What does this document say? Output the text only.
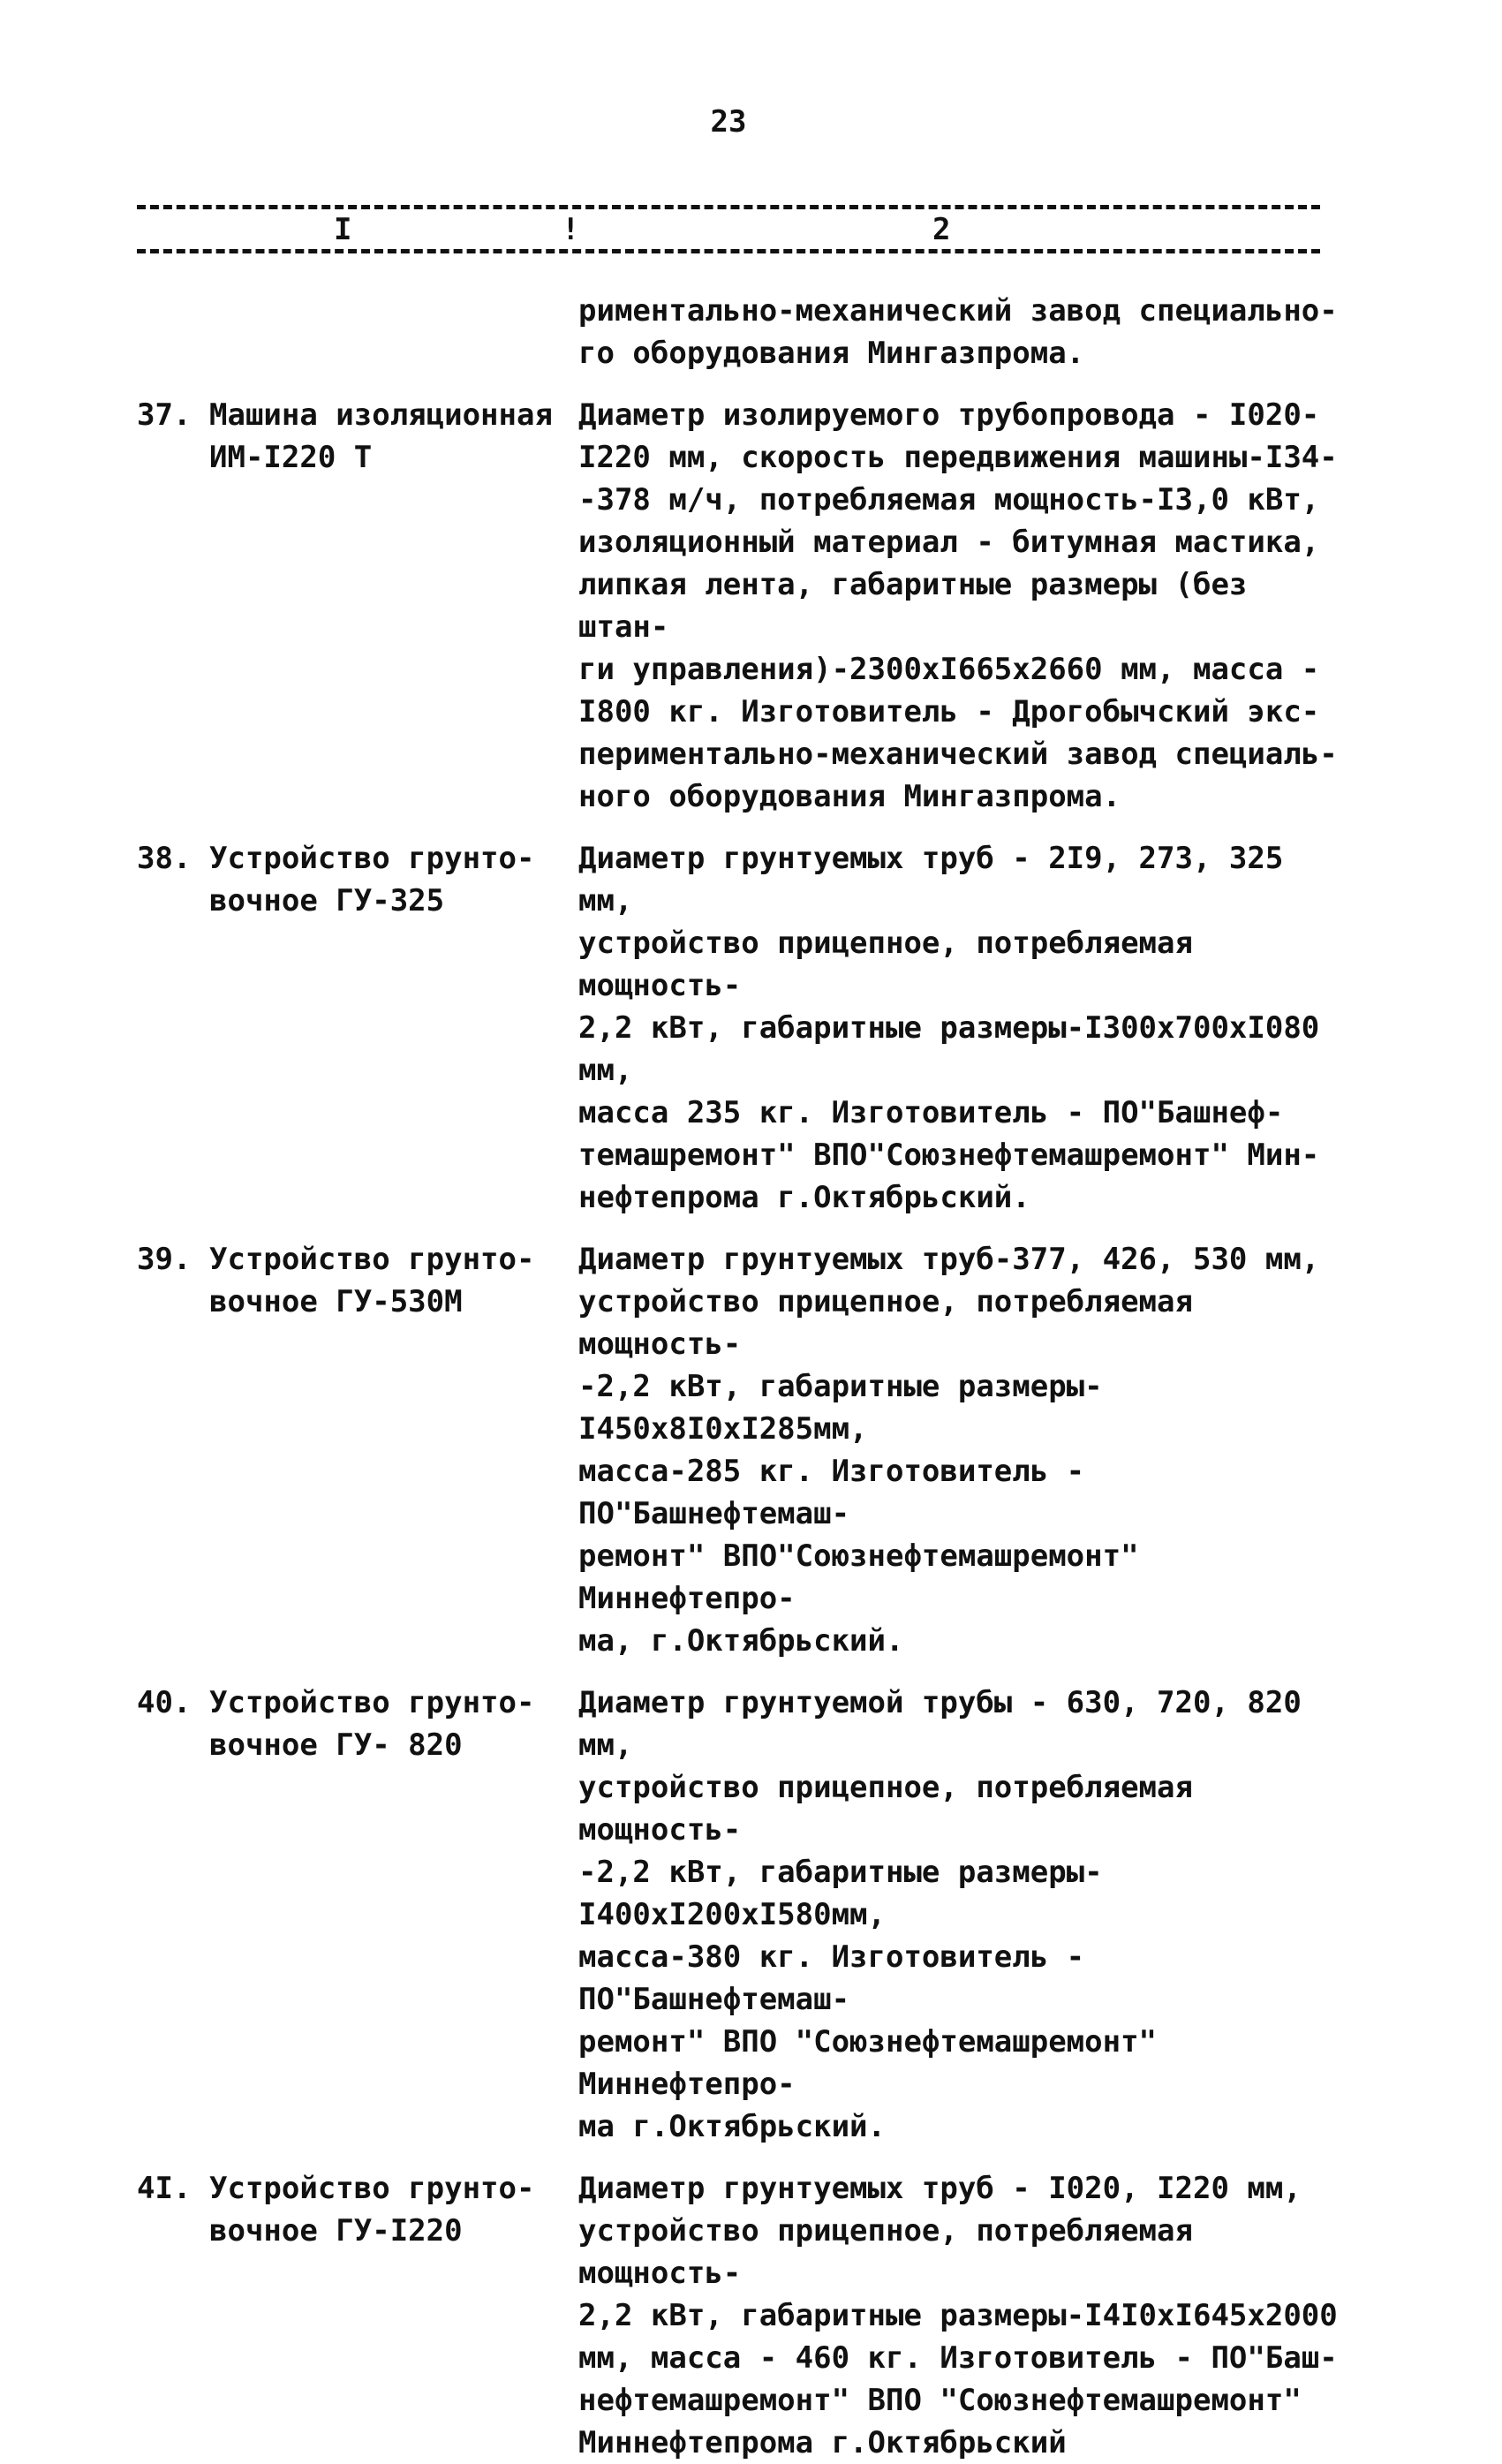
23
I	!	2
риментально-механический завод специально-
го оборудования Мингазпрома.
37. Машина изоляционная
ИМ-I220 Т
Диаметр изолируемого трубопровода - I020-
I220 мм, скорость передвижения машины-I34-
-378 м/ч, потребляемая мощность-I3,0 кВт,
изоляционный материал - битумная мастика,
липкая лента, габаритные размеры (без штан-
ги управления)-2300xI665x2660 мм, масса -
I800 кг. Изготовитель - Дрогобычский экс-
периментально-механический завод специаль-
ного оборудования Мингазпрома.
38. Устройство грунто-
вочное ГУ-325
Диаметр грунтуемых труб - 2I9, 273, 325 мм,
устройство прицепное, потребляемая мощность-
2,2 кВт, габаритные размеры-I300x700xI080 мм,
масса 235 кг. Изготовитель - ПО"Башнеф-
темашремонт" ВПО"Союзнефтемашремонт" Мин-
нефтепрома г.Октябрьский.
39. Устройство грунто-
вочное ГУ-530М
Диаметр грунтуемых труб-377, 426, 530 мм,
устройство прицепное, потребляемая мощность-
-2,2 кВт, габаритные размеры-I450x8I0xI285мм,
масса-285 кг. Изготовитель - ПО"Башнефтемаш-
ремонт" ВПО"Союзнефтемашремонт" Миннефтепро-
ма, г.Октябрьский.
40. Устройство грунто-
вочное ГУ- 820
Диаметр грунтуемой трубы - 630, 720, 820 мм,
устройство прицепное, потребляемая мощность-
-2,2 кВт, габаритные размеры-I400xI200xI580мм,
масса-380 кг. Изготовитель - ПО"Башнефтемаш-
ремонт" ВПО "Союзнефтемашремонт" Миннефтепро-
ма г.Октябрьский.
4I. Устройство грунто-
вочное ГУ-I220
Диаметр грунтуемых труб - I020, I220 мм,
устройство прицепное, потребляемая мощность-
2,2 кВт, габаритные размеры-I4I0xI645x2000
мм, масса - 460 кг. Изготовитель - ПО"Баш-
нефтемашремонт" ВПО "Союзнефтемашремонт"
Миннефтепрома г.Октябрьский
